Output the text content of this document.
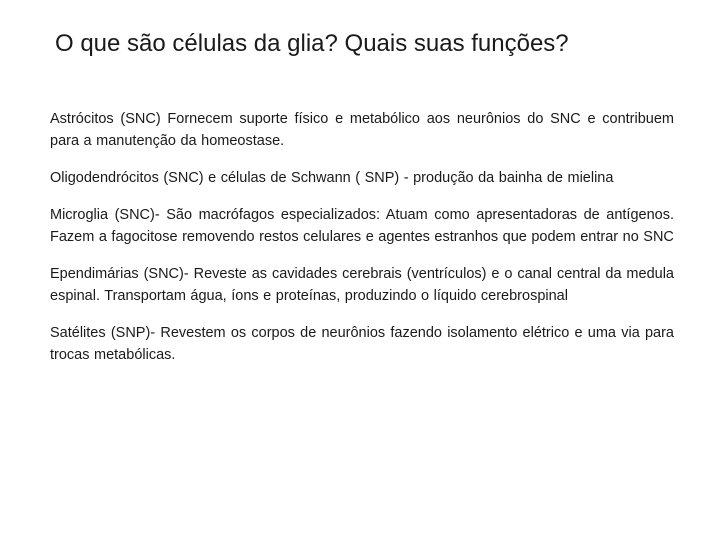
O que são células da glia? Quais suas funções?

Astrócitos (SNC) Fornecem suporte físico e metabólico aos neurônios do SNC e contribuem para a manutenção da homeostase.

Oligodendrócitos (SNC) e células de Schwann ( SNP) - produção da bainha de mielina

Microglia (SNC)- São macrófagos especializados: Atuam como apresentadoras de antígenos. Fazem a fagocitose removendo restos celulares e agentes estranhos que podem entrar no SNC

Ependimárias (SNC)- Reveste as cavidades cerebrais (ventrículos) e o canal central da medula espinal. Transportam água, íons e proteínas, produzindo o líquido cerebrospinal

Satélites (SNP)- Revestem os corpos de neurônios fazendo isolamento elétrico e uma via para trocas metabólicas.
